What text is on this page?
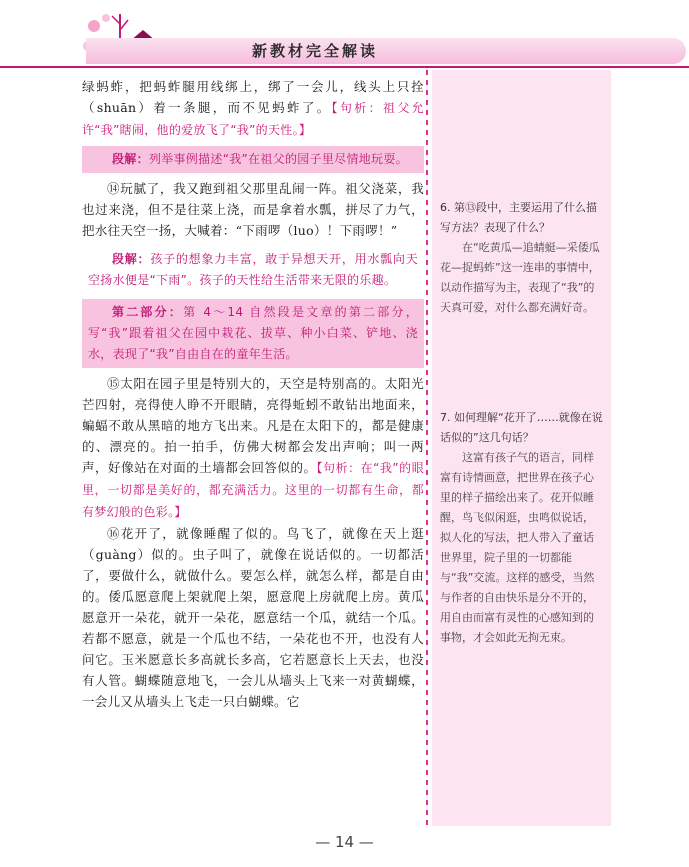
新教材完全解读

绿蚂蚱，把蚂蚱腿用线绑上，绑了一会儿，线头上只拴（shuān）着一条腿，而不见蚂蚱了。【句析：祖父允许“我”瞎闹，他的爱放飞了“我”的天性。】

段解：列举事例描述“我”在祖父的园子里尽情地玩耍。

⑭玩腻了，我又跑到祖父那里乱闹一阵。祖父浇菜，我也过来浇，但不是往菜上浇，而是拿着水瓢，拼尽了力气，把水往天空一扬，大喊着：“下雨啰（luo）！下雨啰！”

段解：孩子的想象力丰富，敢于异想天开，用水瓢向天空扬水便是“下雨”。孩子的天性给生活带来无限的乐趣。

第二部分：第 4～14 自然段是文章的第二部分，写“我”跟着祖父在园中栽花、拔草、种小白菜、铲地、浇水，表现了“我”自由自在的童年生活。

⑮太阳在园子里是特别大的，天空是特别高的。太阳光芒四射，亮得使人睁不开眼睛，亮得蚯蚓不敢钻出地面来，蝙蝠不敢从黑暗的地方飞出来。凡是在太阳下的，都是健康的、漂亮的。拍一拍手，仿佛大树都会发出声响；叫一两声，好像站在对面的土墙都会回答似的。【句析：在“我”的眼里，一切都是美好的，都充满活力。这里的一切都有生命，都有梦幻般的色彩。】

⑯花开了，就像睡醒了似的。鸟飞了，就像在天上逛（guàng）似的。虫子叫了，就像在说话似的。一切都活了，要做什么，就做什么。要怎么样，就怎么样，都是自由的。倭瓜愿意爬上架就爬上架，愿意爬上房就爬上房。黄瓜愿意开一朵花，就开一朵花，愿意结一个瓜，就结一个瓜。若都不愿意，就是一个瓜也不结，一朵花也不开，也没有人问它。玉米愿意长多高就长多高，它若愿意长上天去，也没有人管。蝴蝶随意地飞，一会儿从墙头上飞来一对黄蝴蝶，一会儿又从墙头上飞走一只白蝴蝶。它

6. 第⑬段中，主要运用了什么描写方法？表现了什么？

在“吃黄瓜—追蜻蜓—采倭瓜花—捉蚂蚱”这一连串的事情中，以动作描写为主，表现了“我”的天真可爱，对什么都充满好奇。

7. 如何理解“花开了……就像在说话似的”这几句话？

这富有孩子气的语言，同样富有诗情画意，把世界在孩子心里的样子描绘出来了。花开似睡醒，鸟飞似闲逛，虫鸣似说话，拟人化的写法，把人带入了童话世界里，院子里的一切都能与“我”交流。这样的感受，当然与作者的自由快乐是分不开的，用自由而富有灵性的心感知到的事物，才会如此无拘无束。

— 14 —
